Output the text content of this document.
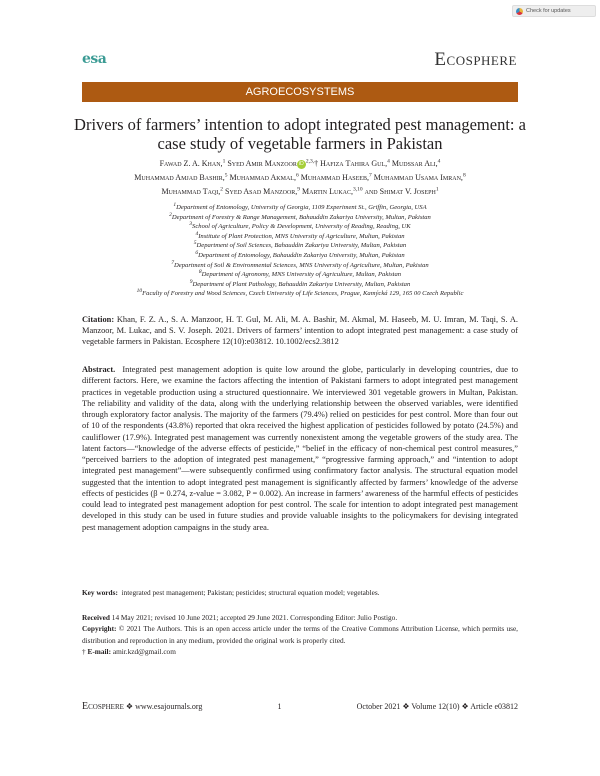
Check for updates
esa	Ecosphere
AGROECOSYSTEMS
Drivers of farmers’ intention to adopt integrated pest management: a case study of vegetable farmers in Pakistan
Fawad Z. A. Khan,$^1$ Syed Amir Manzoor iD $^{2,3,}$† Hafiza Tahira Gul,$^4$ Mudssar Ali,$^4$
Muhammad Amjad Bashir,$^5$ Muhammad Akmal,$^6$ Muhammad Haseeb,$^7$ Muhammad Usama Imran,$^8$
Muhammad Taqi,$^2$ Syed Asad Manzoor,$^9$ Martin Lukac,$^{3,10}$ and Shimat V. Joseph$^1$
$^1$Department of Entomology, University of Georgia, 1109 Experiment St., Griffin, Georgia, USA
$^2$Department of Forestry & Range Management, Bahauddin Zakariya University, Multan, Pakistan
$^3$School of Agriculture, Policy & Development, University of Reading, Reading, UK
$^4$Institute of Plant Protection, MNS University of Agriculture, Multan, Pakistan
$^5$Department of Soil Sciences, Bahauddin Zakariya University, Multan, Pakistan
$^6$Department of Entomology, Bahauddin Zakariya University, Multan, Pakistan
$^7$Department of Soil & Environmental Sciences, MNS University of Agriculture, Multan, Pakistan
$^8$Department of Agronomy, MNS University of Agriculture, Multan, Pakistan
$^9$Department of Plant Pathology, Bahauddin Zakariya University, Multan, Pakistan
$^{10}$Faculty of Forestry and Wood Sciences, Czech University of Life Sciences, Prague, Kamýcká 129, 165 00 Czech Republic
Citation: Khan, F. Z. A., S. A. Manzoor, H. T. Gul, M. Ali, M. A. Bashir, M. Akmal, M. Haseeb, M. U. Imran, M. Taqi, S. A. Manzoor, M. Lukac, and S. V. Joseph. 2021. Drivers of farmers’ intention to adopt integrated pest management: a case study of vegetable farmers in Pakistan. Ecosphere 12(10):e03812. 10.1002/ecs2.3812
Abstract. Integrated pest management adoption is quite low around the globe, particularly in developing countries, due to different factors. Here, we examine the factors affecting the intention of Pakistani farmers to adopt integrated pest management practices in vegetable production using a structured questionnaire. We interviewed 301 vegetable growers in Multan, Pakistan. The reliability and validity of the data, along with the underlying relationship between the observed variables, were identified through exploratory factor analysis. The majority of the farmers (79.4%) relied on pesticides for pest control. More than four out of 10 of the respondents (43.8%) reported that okra received the highest application of pesticides followed by potato (24.5%) and cauliflower (17.9%). Integrated pest management was currently nonexistent among the vegetable growers of the study area. The latent factors—“knowledge of the adverse effects of pesticide,” “belief in the efficacy of non-chemical pest control measures,” “perceived barriers to the adoption of integrated pest management,” “progressive farming approach,” and “intention to adopt integrated pest management”—were subsequently confirmed using confirmatory factor analysis. The structural equation model suggested that the intention to adopt integrated pest management is significantly affected by farmers’ knowledge of the adverse effects of pesticides (β = 0.274, z-value = 3.082, P = 0.002). An increase in farmers’ awareness of the harmful effects of pesticides could lead to integrated pest management adoption for pest control. The scale for intention to adopt integrated pest management developed in this study can be used in future studies and provide valuable insights to the policymakers for devising integrated pest management adoption campaigns in the study area.
Key words: integrated pest management; Pakistan; pesticides; structural equation model; vegetables.
Received 14 May 2021; revised 10 June 2021; accepted 29 June 2021. Corresponding Editor: Julio Postigo.
Copyright: © 2021 The Authors. This is an open access article under the terms of the Creative Commons Attribution License, which permits use, distribution and reproduction in any medium, provided the original work is properly cited.
† E-mail: amir.kzd@gmail.com
Ecosphere ❖ www.esajournals.org	1	October 2021 ❖ Volume 12(10) ❖ Article e03812
